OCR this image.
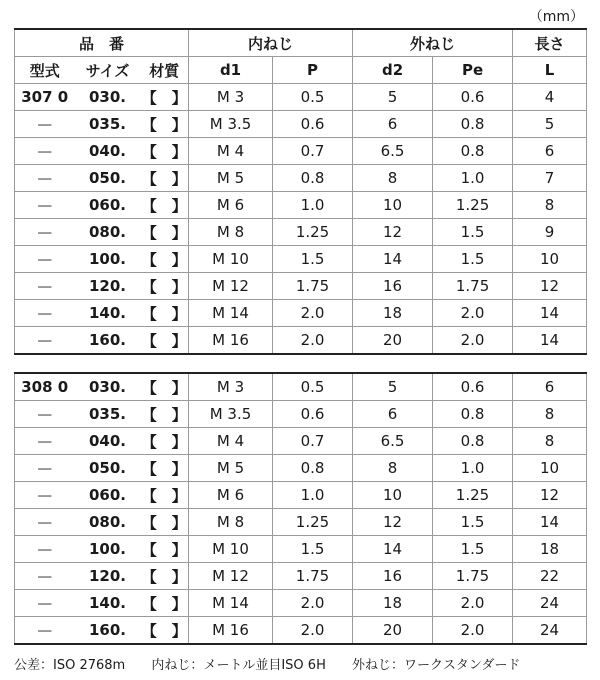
（mm）
品　番			内ねじ		外ねじ		長さ
型式	サイズ	材質	d1	P	d2	Pe	L
307 0	030.	【　】	M 3	0.5	5	0.6	4
—	035.	【　】	M 3.5	0.6	6	0.8	5
—	040.	【　】	M 4	0.7	6.5	0.8	6
—	050.	【　】	M 5	0.8	8	1.0	7
—	060.	【　】	M 6	1.0	10	1.25	8
—	080.	【　】	M 8	1.25	12	1.5	9
—	100.	【　】	M 10	1.5	14	1.5	10
—	120.	【　】	M 12	1.75	16	1.75	12
—	140.	【　】	M 14	2.0	18	2.0	14
—	160.	【　】	M 16	2.0	20	2.0	14
308 0	030.	【　】	M 3	0.5	5	0.6	6
—	035.	【　】	M 3.5	0.6	6	0.8	8
—	040.	【　】	M 4	0.7	6.5	0.8	8
—	050.	【　】	M 5	0.8	8	1.0	10
—	060.	【　】	M 6	1.0	10	1.25	12
—	080.	【　】	M 8	1.25	12	1.5	14
—	100.	【　】	M 10	1.5	14	1.5	18
—	120.	【　】	M 12	1.75	16	1.75	22
—	140.	【　】	M 14	2.0	18	2.0	24
—	160.	【　】	M 16	2.0	20	2.0	24
公差：ISO 2768m 内ねじ：メートル並目ISO 6H 外ねじ：ワークスタンダード
